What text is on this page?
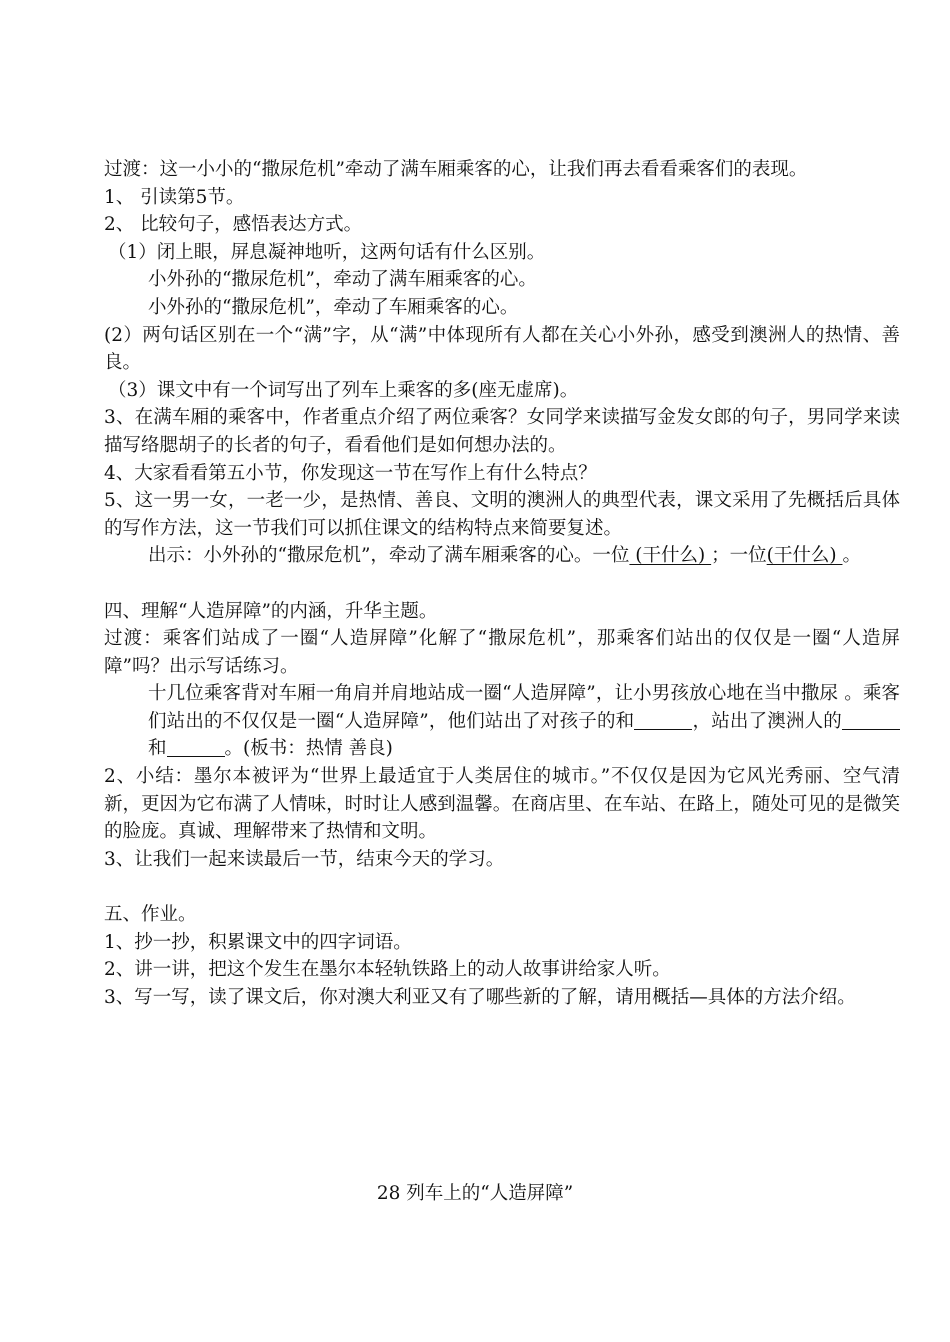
过渡：这一小小的“撒尿危机”牵动了满车厢乘客的心，让我们再去看看乘客们的表现。

1、 引读第5节。

2、 比较句子，感悟表达方式。

（1）闭上眼，屏息凝神地听，这两句话有什么区别。

小外孙的“撒尿危机”，牵动了满车厢乘客的心。

小外孙的“撒尿危机”，牵动了车厢乘客的心。

(2）两句话区别在一个“满”字，从“满”中体现所有人都在关心小外孙，感受到澳洲人的热情、善良。

（3）课文中有一个词写出了列车上乘客的多(座无虚席)。

3、在满车厢的乘客中，作者重点介绍了两位乘客？女同学来读描写金发女郎的句子，男同学来读描写络腮胡子的长者的句子，看看他们是如何想办法的。

4、大家看看第五小节，你发现这一节在写作上有什么特点？

5、这一男一女，一老一少，是热情、善良、文明的澳洲人的典型代表，课文采用了先概括后具体的写作方法，这一节我们可以抓住课文的结构特点来简要复述。

出示：小外孙的“撒尿危机”，牵动了满车厢乘客的心。一位 (干什么) ；一位(干什么) 。

四、理解“人造屏障”的内涵，升华主题。

过渡：乘客们站成了一圈“人造屏障”化解了“撒尿危机”，那乘客们站出的仅仅是一圈“人造屏障”吗？出示写话练习。

十几位乘客背对车厢一角肩并肩地站成一圈“人造屏障”，让小男孩放心地在当中撒尿 。乘客们站出的不仅仅是一圈“人造屏障”，他们站出了对孩子的和	，站出了澳洲人的和	。(板书：热情 善良)

2、小结：墨尔本被评为“世界上最适宜于人类居住的城市。”不仅仅是因为它风光秀丽、空气清新，更因为它布满了人情味，时时让人感到温馨。在商店里、在车站、在路上，随处可见的是微笑的脸庞。真诚、理解带来了热情和文明。

3、让我们一起来读最后一节，结束今天的学习。

五、作业。

1、抄一抄，积累课文中的四字词语。

2、讲一讲，把这个发生在墨尔本轻轨铁路上的动人故事讲给家人听。

3、写一写，读了课文后，你对澳大利亚又有了哪些新的了解，请用概括—具体的方法介绍。

28 列车上的“人造屏障”
